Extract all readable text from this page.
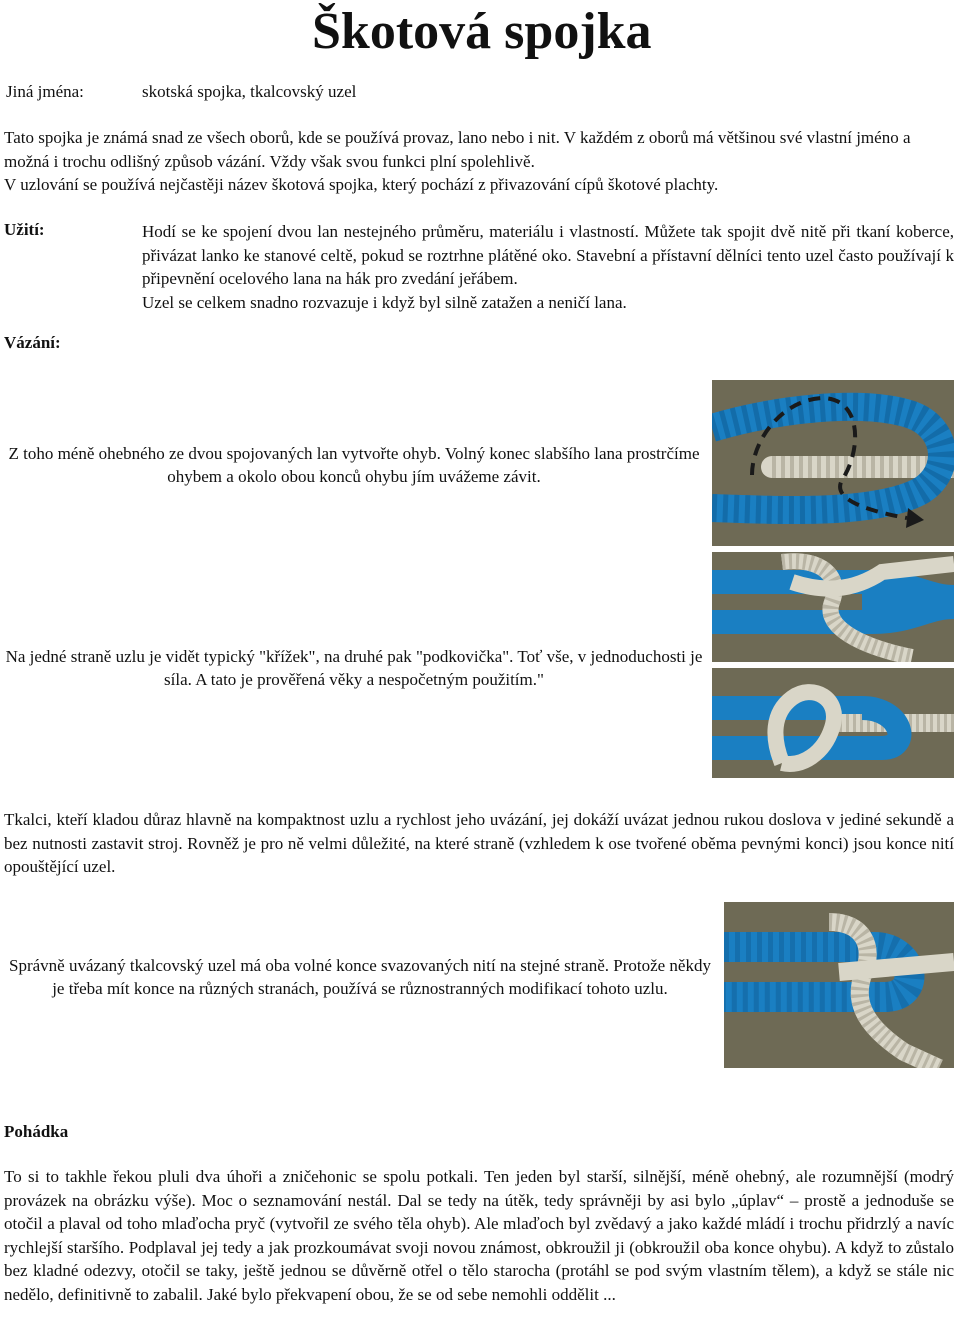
Škotová spojka
Jiná jména:	skotská spojka, tkalcovský uzel
Tato spojka je známá snad ze všech oborů, kde se používá provaz, lano nebo i nit. V každém z oborů má většinou své vlastní jméno a možná i trochu odlišný způsob vázání. Vždy však svou funkci plní spolehlivě.
V uzlování se používá nejčastěji název škotová spojka, který pochází z přivazování cípů škotové plachty.
Užití:	Hodí se ke spojení dvou lan nestejného průměru, materiálu i vlastností. Můžete tak spojit dvě nitě při tkaní koberce, přivázat lanko ke stanové celtě, pokud se roztrhne plátěné oko. Stavební a přístavní dělníci tento uzel často používají k připevnění ocelového lana na hák pro zvedání jeřábem.
Uzel se celkem snadno rozvazuje i když byl silně zatažen a neničí lana.
Vázání:
Z toho méně ohebného ze dvou spojovaných lan vytvořte ohyb. Volný konec slabšího lana prostrčíme ohybem a okolo obou konců ohybu jím uvážeme závit.
Na jedné straně uzlu je vidět typický "křížek", na druhé pak "podkovička". Toť vše, v jednoduchosti je síla. A tato je prověřená věky a nespočetným použitím."
Tkalci, kteří kladou důraz hlavně na kompaktnost uzlu a rychlost jeho uvázání, jej dokáží uvázat jednou rukou doslova v jediné sekundě a bez nutnosti zastavit stroj. Rovněž je pro ně velmi důležité, na které straně (vzhledem k ose tvořené oběma pevnými konci) jsou konce nití opouštějící uzel.
Správně uvázaný tkalcovský uzel má oba volné konce svazovaných nití na stejné straně. Protože někdy je třeba mít konce na různých stranách, používá se různostranných modifikací tohoto uzlu.
Pohádka
To si to takhle řekou pluli dva úhoři a zničehonic se spolu potkali. Ten jeden byl starší, silnější, méně ohebný, ale rozumnější (modrý provázek na obrázku výše). Moc o seznamování nestál. Dal se tedy na útěk, tedy správněji by asi bylo „úplav“ – prostě a jednoduše se otočil a plaval od toho mlaďocha pryč (vytvořil ze svého těla ohyb). Ale mlaďoch byl zvědavý a jako každé mládí i trochu přidrzlý a navíc rychlejší staršího. Podplaval jej tedy a jak prozkoumávat svoji novou známost, obkroužil ji (obkroužil oba konce ohybu). A když to zůstalo bez kladné odezvy, otočil se taky, ještě jednou se důvěrně otřel o tělo starocha (protáhl se pod svým vlastním tělem), a když se stále nic nedělo, definitivně to zabalil. Jaké bylo překvapení obou, že se od sebe nemohli oddělit ...
